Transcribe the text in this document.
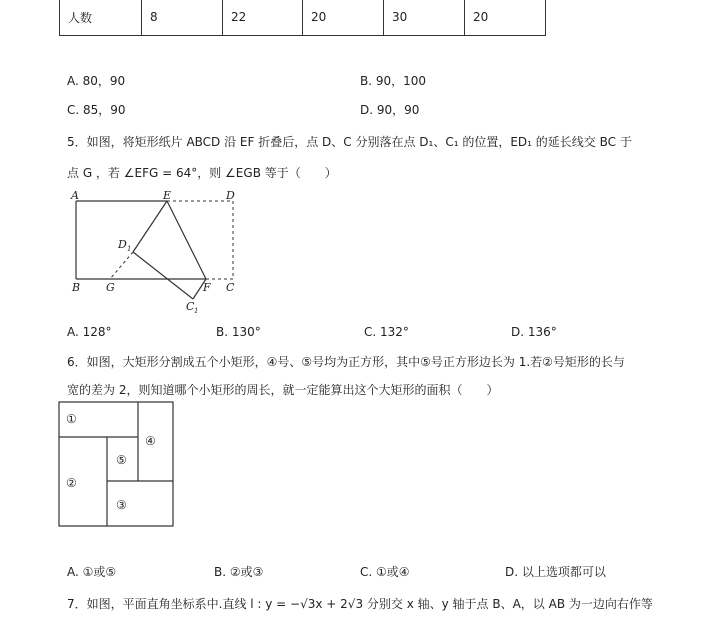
人数	8	22	20	30	20
A. 80，90	B. 90，100
C. 85，90	D. 90，90
5．如图，将矩形纸片 ABCD 沿 EF 折叠后，点 D、C 分别落在点 D₁、C₁ 的位置，ED₁ 的延长线交 BC 于
点 G ，若 ∠EFG = 64°，则 ∠EGB 等于（　　）
A	E	D
D 1
B G	F C
C 1
A. 128°	B. 130°	C. 132°	D. 136°
6．如图，大矩形分割成五个小矩形，④号、⑤号均为正方形，其中⑤号正方形边长为 1.若②号矩形的长与
宽的差为 2，则知道哪个小矩形的周长，就一定能算出这个大矩形的面积（　　）
①
②
④
⑤
③
A. ①或⑤	B. ②或③	C. ①或④	D. 以上选项都可以
7．如图，平面直角坐标系中.直线 l : y = −√3x + 2√3 分别交 x 轴、y 轴于点 B、A，以 AB 为一边向右作等
